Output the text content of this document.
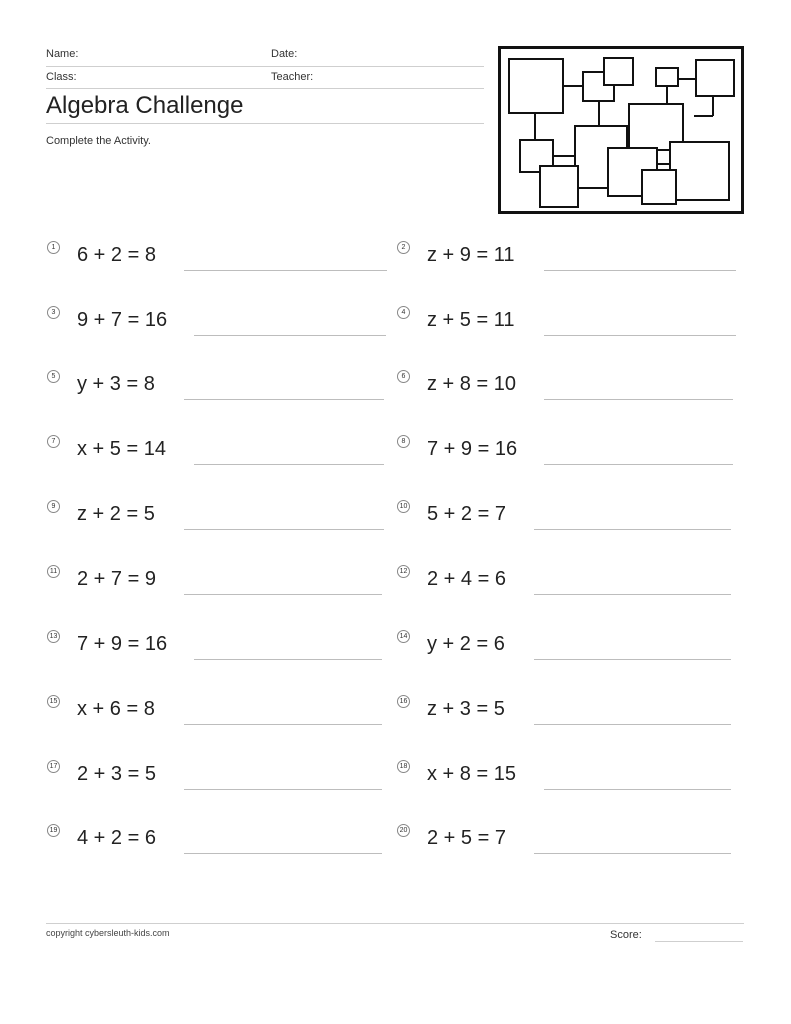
Name:	Date:
Class:	Teacher:
Algebra Challenge
Complete the Activity.
1 6 + 2 = 8	2 z + 9 = 11
3 9 + 7 = 16	4 z + 5 = 11
5 y + 3 = 8	6 z + 8 = 10
7 x + 5 = 14	8 7 + 9 = 16
9 z + 2 = 5	10 5 + 2 = 7
11 2 + 7 = 9	12 2 + 4 = 6
13 7 + 9 = 16	14 y + 2 = 6
15 x + 6 = 8	16 z + 3 = 5
17 2 + 3 = 5	18 x + 8 = 15
19 4 + 2 = 6	20 2 + 5 = 7
copyright cybersleuth-kids.com	Score:
